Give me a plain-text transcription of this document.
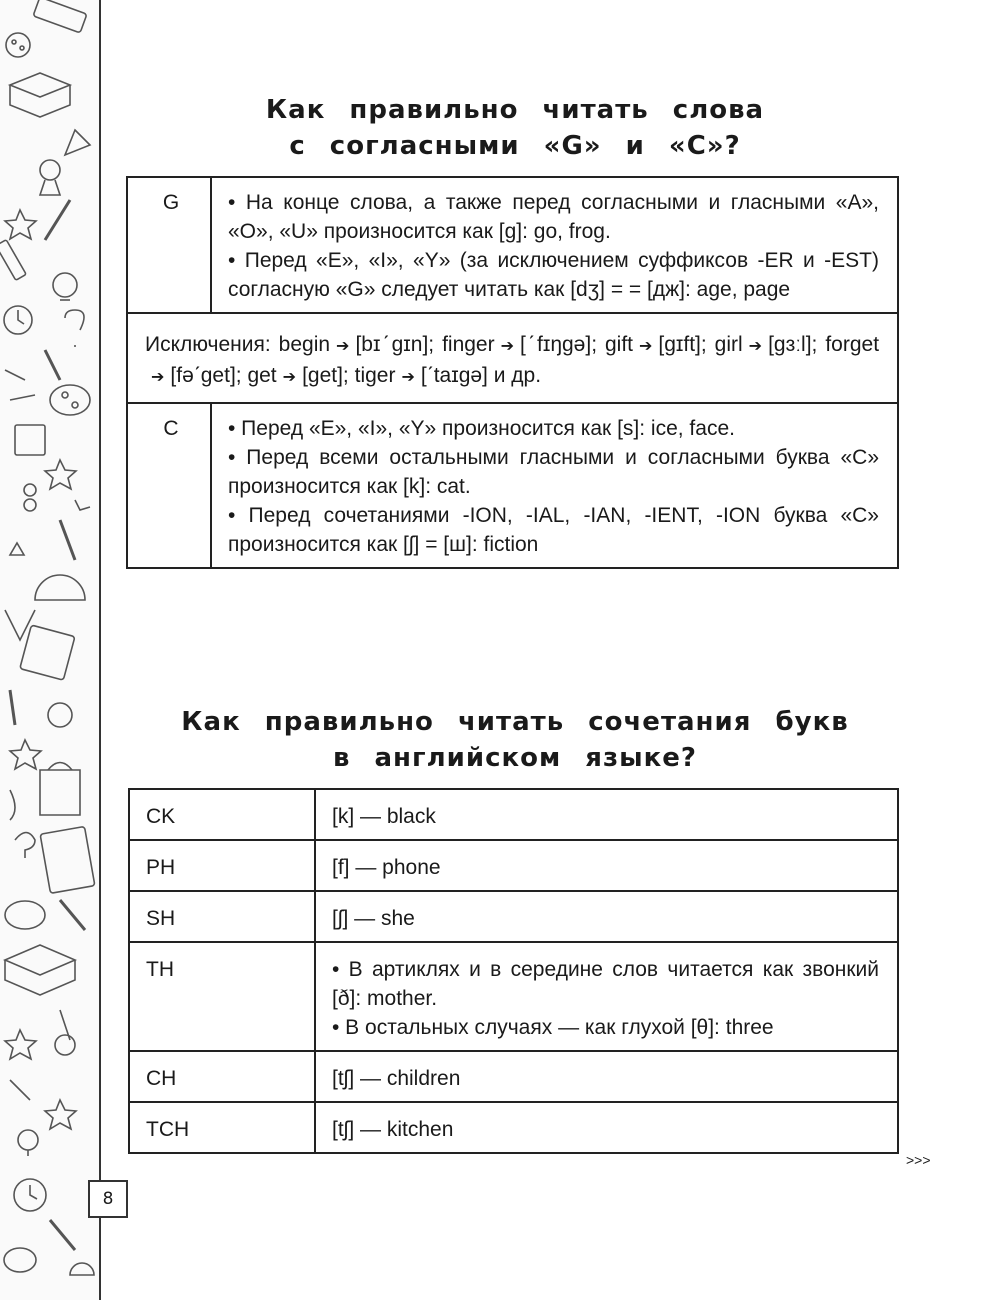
8
Как правильно читать слова
с согласными «G» и «C»?
G	• На конце слова, а также перед согласными и гласными «A», «O», «U» произносится как [g]: go, frog.

• Перед «E», «I», «Y» (за исключением суффиксов -ER и -EST) согласную «G» следует читать как [dʒ] = = [дж]: age, page

Исключения: begin ➔ [bɪˊgɪn]; finger ➔ [ˊfɪŋgə]; gift ➔ [gɪft]; girl ➔ [gɜːl]; forget➔ [fəˊget]; get ➔ [get]; tiger ➔ [ˊtaɪgə] и др.	
C	• Перед «E», «I», «Y» произносится как [s]: ice, face.

• Перед всеми остальными гласными и согласными буква «C» произносится как [k]: cat.

• Перед сочетаниями -ION, -IAL, -IAN, -IENT, -ION буква «C» произносится как [ʃ] = [ш]: fiction

Как правильно читать сочетания букв
в английском языке?
CK	[k] — black
PH	[f] — phone
SH	[ʃ] — she
TH	• В артиклях и в середине слов читается как звонкий [ð]: mother.

• В остальных случаях — как глухой [θ]: three

CH	[tʃ] — children
TCH	[tʃ] — kitchen
>>>
